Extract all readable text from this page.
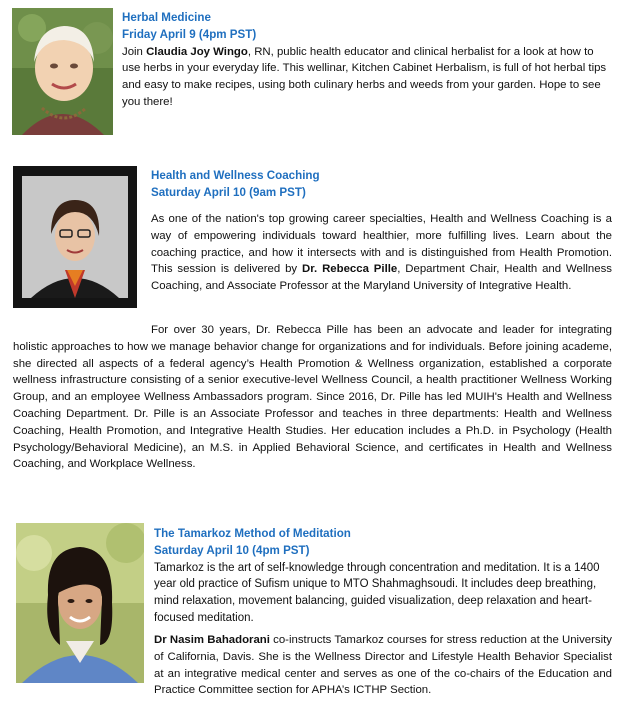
Herbal Medicine
Friday April 9 (4pm PST)
Join Claudia Joy Wingo, RN, public health educator and clinical herbalist for a look at how to use herbs in your everyday life. This wellinar, Kitchen Cabinet Herbalism, is full of hot herbal tips and easy to make recipes, using both culinary herbs and weeds from your garden. Hope to see you there!
Health and Wellness Coaching
Saturday April 10 (9am PST)
As one of the nation's top growing career specialties, Health and Wellness Coaching is a way of empowering individuals toward healthier, more fulfilling lives. Learn about the coaching practice, and how it intersects with and is distinguished from Health Promotion. This session is delivered by Dr. Rebecca Pille, Department Chair, Health and Wellness Coaching, and Associate Professor at the Maryland University of Integrative Health.
For over 30 years, Dr. Rebecca Pille has been an advocate and leader for integrating holistic approaches to how we manage behavior change for organizations and for individuals. Before joining academe, she directed all aspects of a federal agency’s Health Promotion & Wellness organization, established a corporate wellness infrastructure consisting of a senior executive-level Wellness Council, a health practitioner Wellness Working Group, and an employee Wellness Ambassadors program. Since 2016, Dr. Pille has led MUIH's Health and Wellness Coaching Department. Dr. Pille is an Associate Professor and teaches in three departments: Health and Wellness Coaching, Health Promotion, and Integrative Health Studies. Her education includes a Ph.D. in Psychology (Health Psychology/Behavioral Medicine), an M.S. in Applied Behavioral Science, and certificates in Health and Wellness Coaching, and Workplace Wellness.
The Tamarkoz Method of Meditation
Saturday April 10 (4pm PST)
Tamarkoz is the art of self-knowledge through concentration and meditation. It is a 1400 year old practice of Sufism unique to MTO Shahmaghsoudi. It includes deep breathing, mind relaxation, movement balancing, guided visualization, deep relaxation and heart-focused meditation.
Dr Nasim Bahadorani co-instructs Tamarkoz courses for stress reduction at the University of California, Davis. She is the Wellness Director and Lifestyle Health Behavior Specialist at an integrative medical center and serves as one of the co-chairs of the Education and Practice Committee section for APHA’s ICTHP Section.
